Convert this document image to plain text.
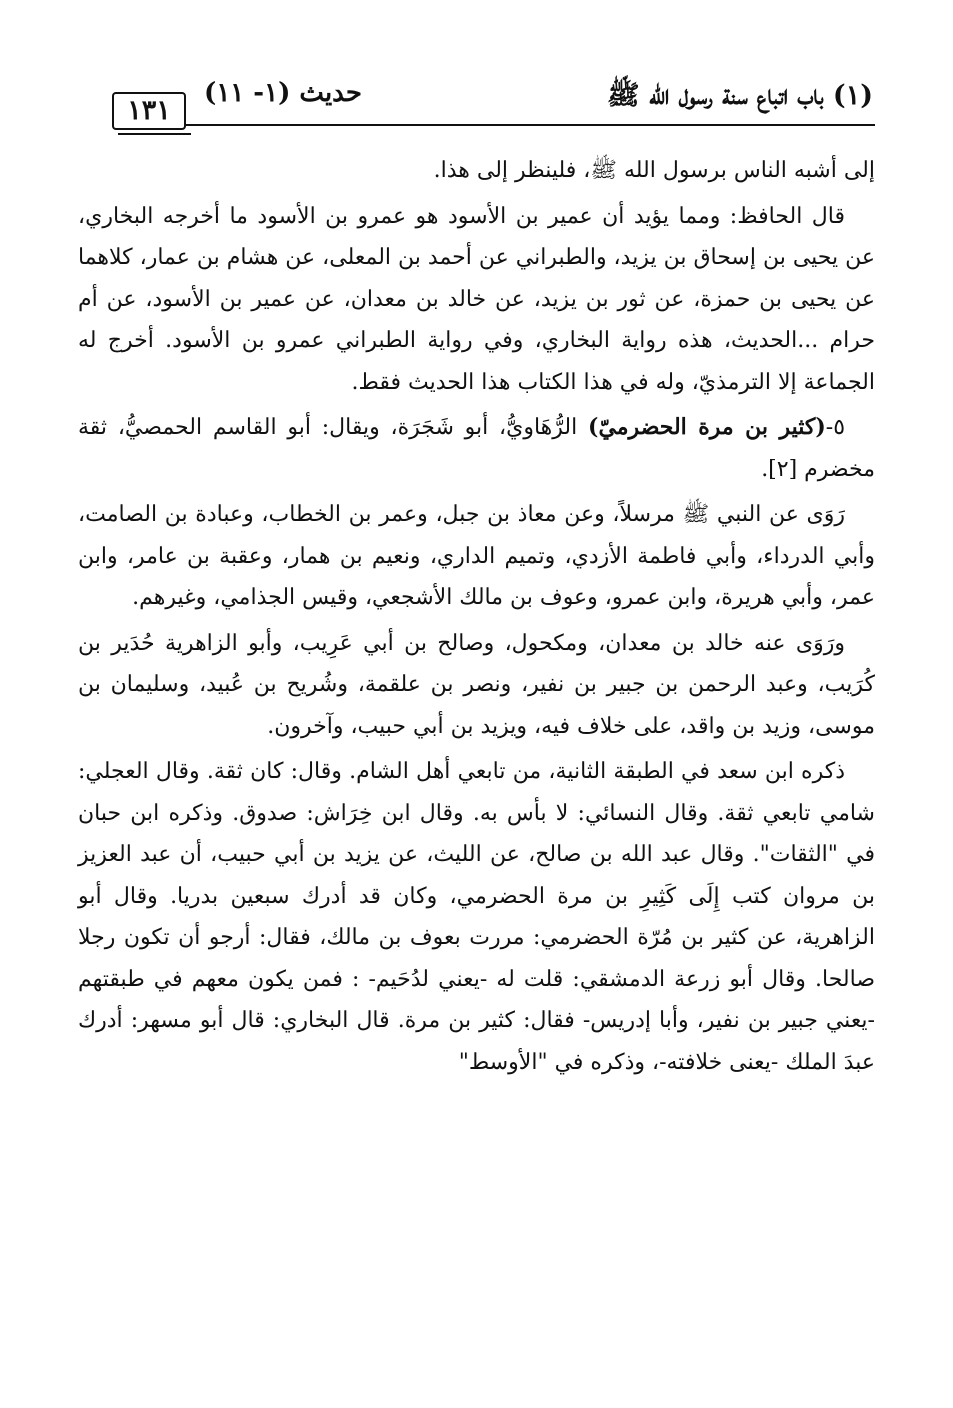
١٣١
حديث (١- ١١)	(١) باب اتباع سنة رسول الله ﷺ

إلى أشبه الناس برسول الله ﷺ، فلينظر إلى هذا.

قال الحافظ: ومما يؤيد أن عمير بن الأسود هو عمرو بن الأسود ما أخرجه البخاري، عن يحيى بن إسحاق بن يزيد، والطبراني عن أحمد بن المعلى، عن هشام بن عمار، كلاهما عن يحيى بن حمزة، عن ثور بن يزيد، عن خالد بن معدان، عن عمير بن الأسود، عن أم حرام ...الحديث، هذه رواية البخاري، وفي رواية الطبراني عمرو بن الأسود. أخرج له الجماعة إلا الترمذيّ، وله في هذا الكتاب هذا الحديث فقط.

٥-(كثير بن مرة الحضرميّ) الرُّهَاويُّ، أبو شَجَرَة، ويقال: أبو القاسم الحمصيُّ، ثقة مخضرم [٢].

رَوَى عن النبي ﷺ مرسلاً، وعن معاذ بن جبل، وعمر بن الخطاب، وعبادة بن الصامت، وأبي الدرداء، وأبي فاطمة الأزدي، وتميم الداري، ونعيم بن همار، وعقبة بن عامر، وابن عمر، وأبي هريرة، وابن عمرو، وعوف بن مالك الأشجعي، وقيس الجذامي، وغيرهم.

ورَوَى عنه خالد بن معدان، ومكحول، وصالح بن أبي عَرِيب، وأبو الزاهرية حُدَير بن كُرَيب، وعبد الرحمن بن جبير بن نفير، ونصر بن علقمة، وشُريح بن عُبيد، وسليمان بن موسى، وزيد بن واقد، على خلاف فيه، ويزيد بن أبي حبيب، وآخرون.

ذكره ابن سعد في الطبقة الثانية، من تابعي أهل الشام. وقال: كان ثقة. وقال العجلي: شامي تابعي ثقة. وقال النسائي: لا بأس به. وقال ابن خِرَاش: صدوق. وذكره ابن حبان في "الثقات". وقال عبد الله بن صالح، عن الليث، عن يزيد بن أبي حبيب، أن عبد العزيز بن مروان كتب إِلَى كَثِيرِ بن مرة الحضرمي، وكان قد أدرك سبعين بدريا. وقال أبو الزاهرية، عن كثير بن مُرّة الحضرمي: مررت بعوف بن مالك، فقال: أرجو أن تكون رجلا صالحا. وقال أبو زرعة الدمشقي: قلت له -يعني لدُحَيم- : فمن يكون معهم في طبقتهم -يعني جبير بن نفير، وأبا إدريس- فقال: كثير بن مرة. قال البخاري: قال أبو مسهر: أدرك عبدَ الملك -يعنى خلافته-، وذكره في "الأوسط"
